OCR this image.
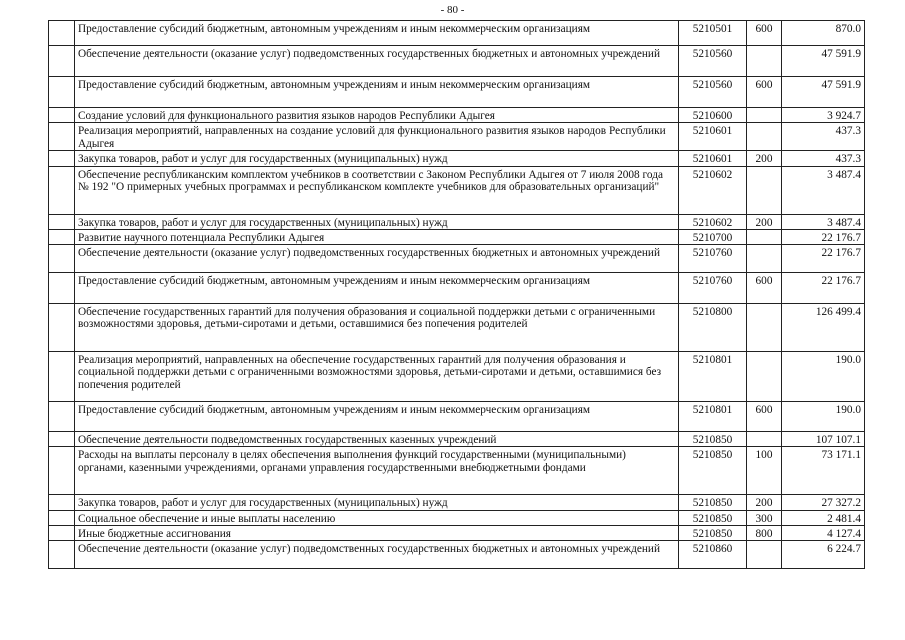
- 80 -
	Предоставление субсидий бюджетным, автономным учреждениям и иным некоммерческим организациям	5210501	600	870.0
	Обеспечение деятельности (оказание услуг) подведомственных государственных бюджетных и автономных учреждений	5210560		47 591.9
	Предоставление субсидий бюджетным, автономным учреждениям и иным некоммерческим организациям	5210560	600	47 591.9
	Создание условий для функционального развития языков народов Республики Адыгея	5210600		3 924.7
	Реализация мероприятий, направленных на создание условий для функционального развития языков народов Республики Адыгея	5210601		437.3
	Закупка товаров, работ и услуг для государственных (муниципальных) нужд	5210601	200	437.3
	Обеспечение республиканским комплектом учебников в соответствии с Законом Республики Адыгея от 7 июля 2008 года № 192 "О примерных учебных программах и республиканском комплекте учебников для образовательных организаций"	5210602		3 487.4
	Закупка товаров, работ и услуг для государственных (муниципальных) нужд	5210602	200	3 487.4
	Развитие научного потенциала Республики Адыгея	5210700		22 176.7
	Обеспечение деятельности (оказание услуг) подведомственных государственных бюджетных и автономных учреждений	5210760		22 176.7
	Предоставление субсидий бюджетным, автономным учреждениям и иным некоммерческим организациям	5210760	600	22 176.7
	Обеспечение государственных гарантий для получения образования и социальной поддержки детьми с ограниченными возможностями здоровья, детьми-сиротами и детьми, оставшимися без попечения родителей	5210800		126 499.4
	Реализация мероприятий, направленных на обеспечение государственных гарантий для получения образования и социальной поддержки детьми с ограниченными возможностями здоровья, детьми-сиротами и детьми, оставшимися без попечения родителей	5210801		190.0
	Предоставление субсидий бюджетным, автономным учреждениям и иным некоммерческим организациям	5210801	600	190.0
	Обеспечение деятельности подведомственных государственных казенных учреждений	5210850		107 107.1
	Расходы на выплаты персоналу в целях обеспечения выполнения функций государственными (муниципальными) органами, казенными учреждениями, органами управления государственными внебюджетными фондами	5210850	100	73 171.1
	Закупка товаров, работ и услуг для государственных (муниципальных) нужд	5210850	200	27 327.2
	Социальное обеспечение и иные выплаты населению	5210850	300	2 481.4
	Иные бюджетные ассигнования	5210850	800	4 127.4
	Обеспечение деятельности (оказание услуг) подведомственных государственных бюджетных и автономных учреждений	5210860		6 224.7
